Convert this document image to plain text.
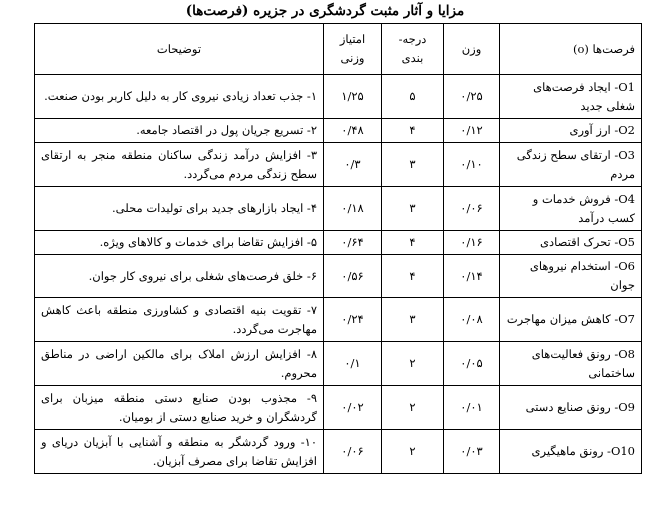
مزایا و آثار مثبت گردشگری در جزیره (فرصت‌ها)
فرصت‌ها (o)	وزن	درجه‌-بندی	امتیاز وزنی	توضیحات
O1- ایجاد فرصت‌های شغلی جدید	۰/۲۵	۵	۱/۲۵	۱- جذب تعداد زیادی نیروی کار به دلیل کاربر بودن صنعت.
O2- ارز آوری	۰/۱۲	۴	۰/۴۸	۲- تسریع جریان پول در اقتصاد جامعه.
O3- ارتقای سطح زندگی مردم	۰/۱۰	۳	۰/۳	۳- افزایش درآمد زندگی ساکنان منطقه منجر به ارتقای سطح زندگی مردم می‌گردد.
O4- فروش خدمات و کسب درآمد	۰/۰۶	۳	۰/۱۸	۴- ایجاد بازارهای جدید برای تولیدات محلی.
O5- تحرک اقتصادی	۰/۱۶	۴	۰/۶۴	۵- افزایش تقاضا برای خدمات و کالاهای ویژه.
O6- استخدام نیروهای جوان	۰/۱۴	۴	۰/۵۶	۶- خلق فرصت‌های شغلی برای نیروی کار جوان.
O7- کاهش میزان مهاجرت	۰/۰۸	۳	۰/۲۴	۷- تقویت بنیه اقتصادی و کشاورزی منطقه باعث کاهش مهاجرت می‌گردد.
O8- رونق فعالیت‌های ساختمانی	۰/۰۵	۲	۰/۱	۸- افزایش ارزش املاک برای مالکین اراضی در مناطق محروم.
O9- رونق صنایع دستی	۰/۰۱	۲	۰/۰۲	۹- مجذوب بودن صنایع دستی منطقه میزبان برای گردشگران و خرید صنایع دستی از بومیان.
O10- رونق ماهیگیری	۰/۰۳	۲	۰/۰۶	۱۰- ورود گردشگر به منطقه و آشنایی با آبزیان دریای و افزایش تقاضا برای مصرف آبزیان.
